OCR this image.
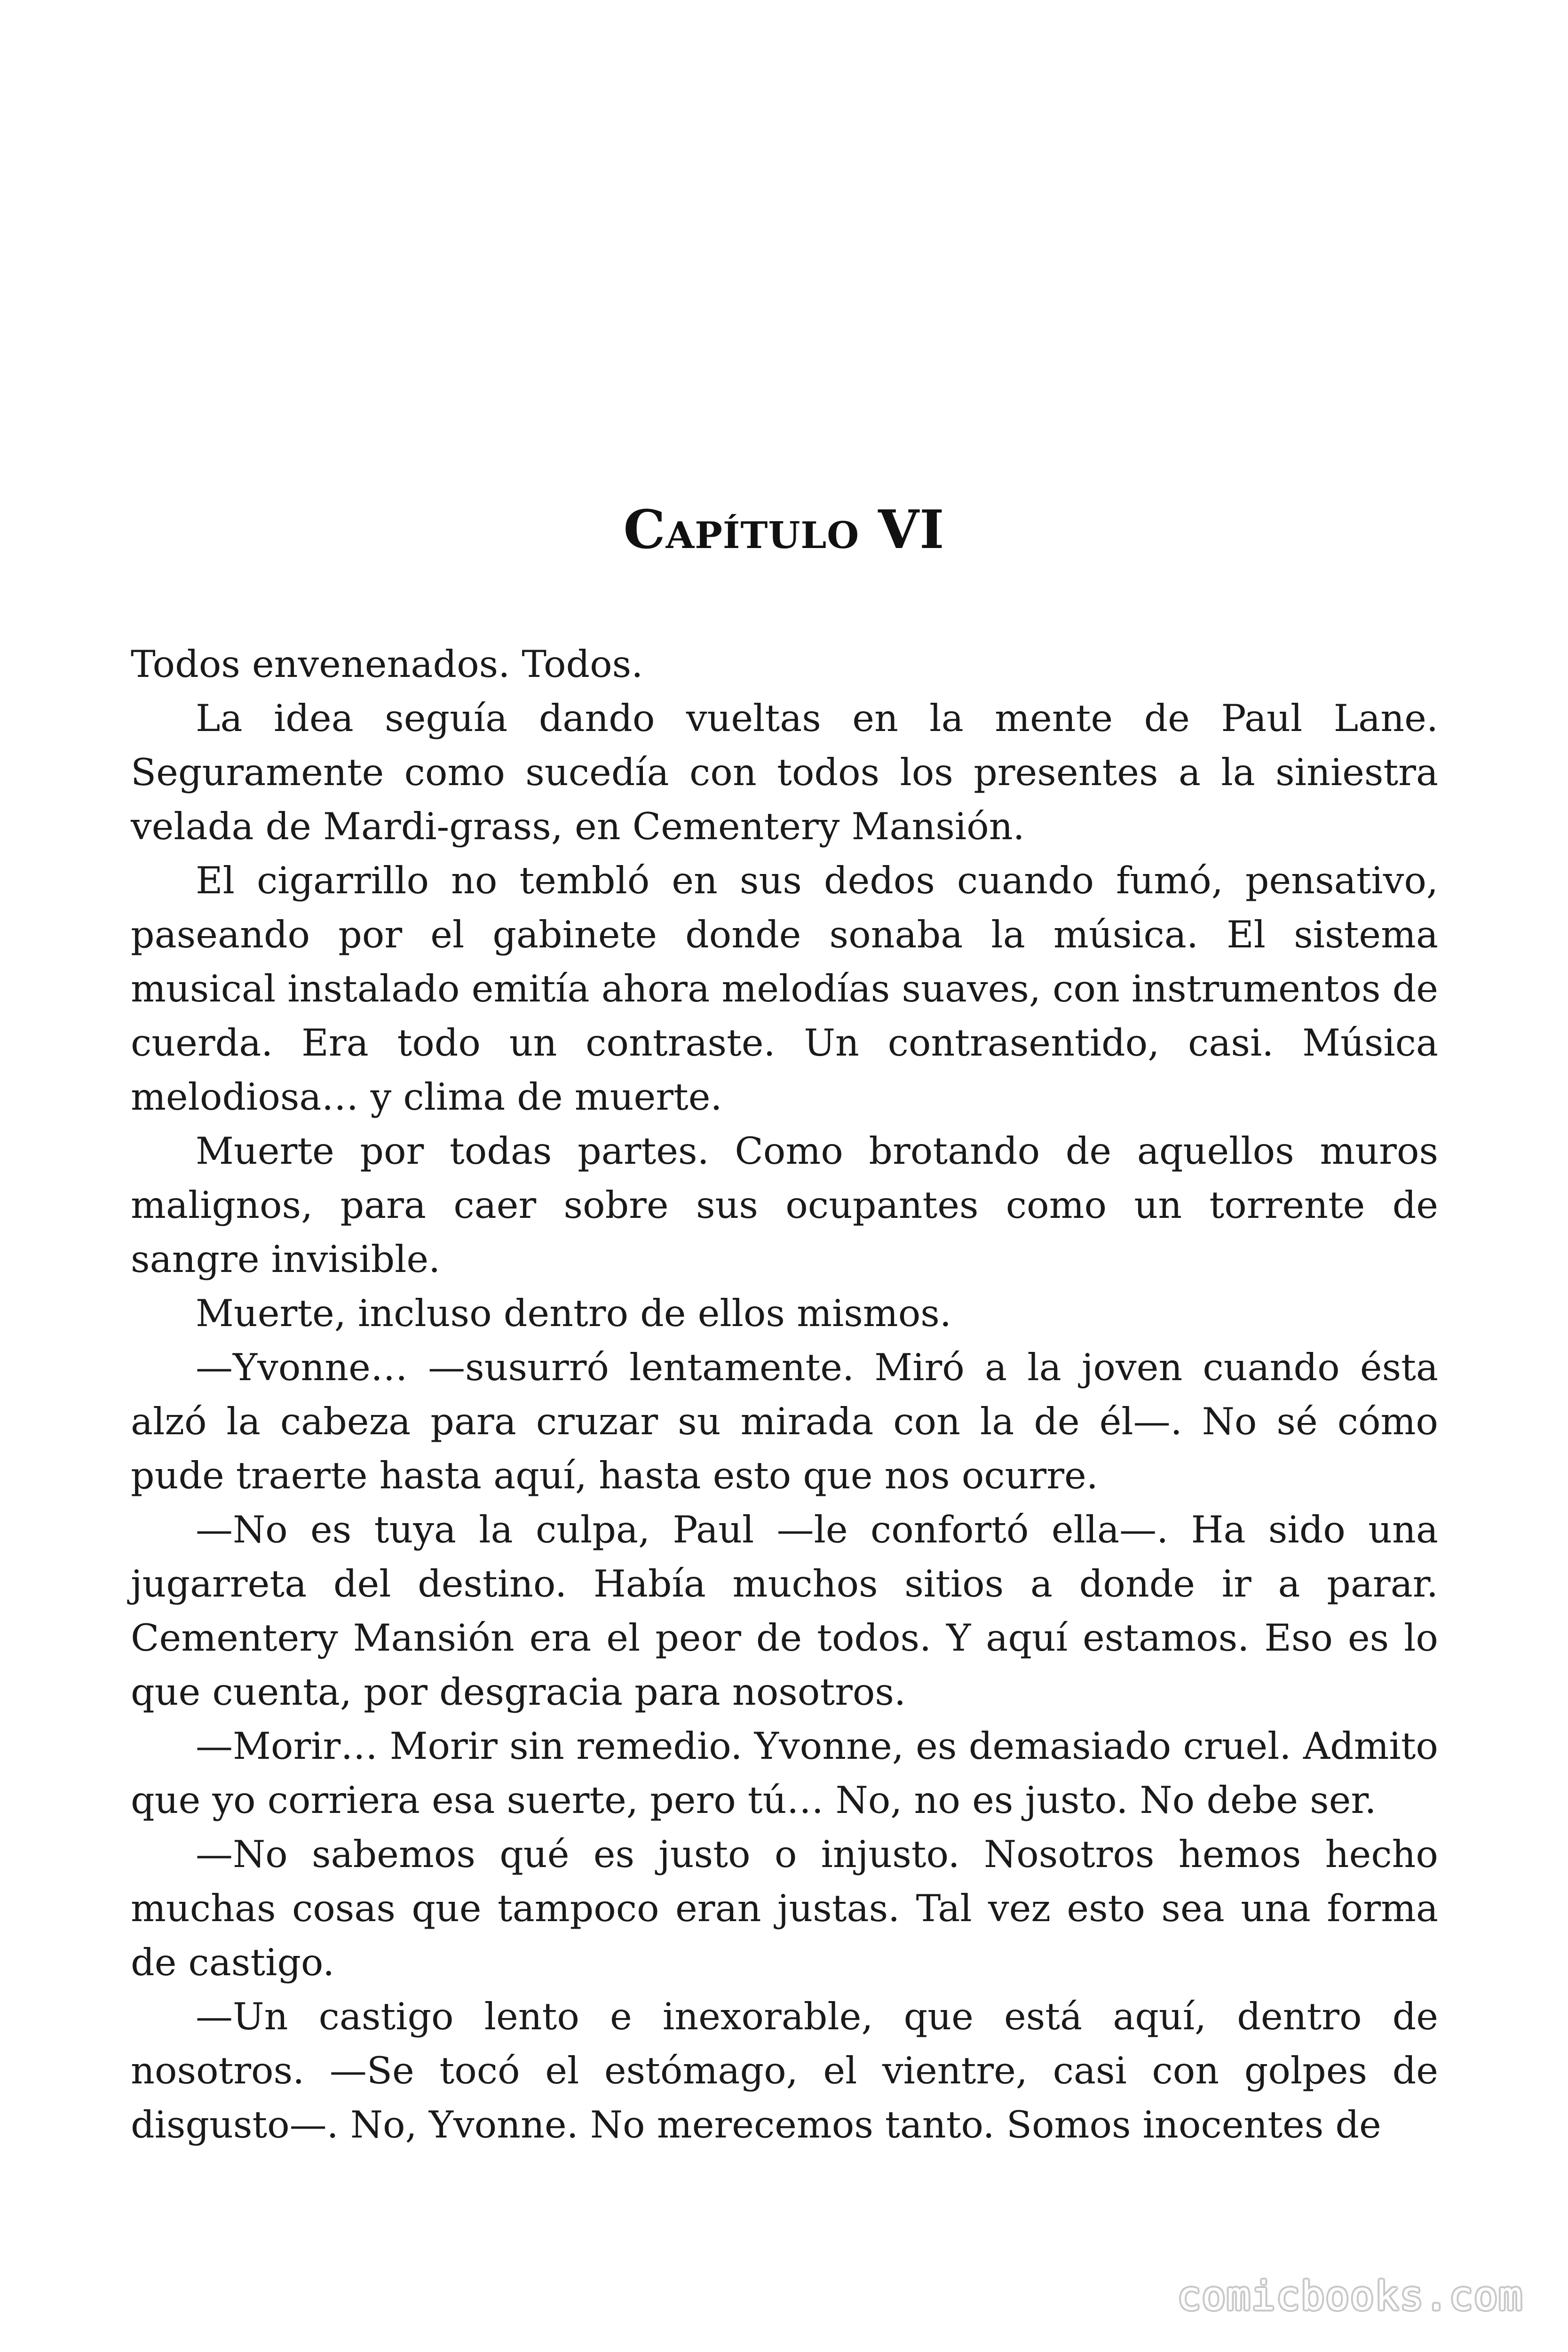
Capítulo VI

Todos envenenados. Todos.

La idea seguía dando vueltas en la mente de Paul Lane. Seguramente como sucedía con todos los presentes a la siniestra velada de Mardi-grass, en Cementery Mansión.

El cigarrillo no tembló en sus dedos cuando fumó, pensativo, paseando por el gabinete donde sonaba la música. El sistema musical instalado emitía ahora melodías suaves, con instrumentos de cuerda. Era todo un contraste. Un contrasentido, casi. Música melodiosa… y clima de muerte.

Muerte por todas partes. Como brotando de aquellos muros malignos, para caer sobre sus ocupantes como un torrente de sangre invisible.

Muerte, incluso dentro de ellos mismos.

—Yvonne… —susurró lentamente. Miró a la joven cuando ésta alzó la cabeza para cruzar su mirada con la de él—. No sé cómo pude traerte hasta aquí, hasta esto que nos ocurre.

—No es tuya la culpa, Paul —le confortó ella—. Ha sido una jugarreta del destino. Había muchos sitios a donde ir a parar. Cementery Mansión era el peor de todos. Y aquí estamos. Eso es lo que cuenta, por desgracia para nosotros.

—Morir… Morir sin remedio. Yvonne, es demasiado cruel. Admito que yo corriera esa suerte, pero tú… No, no es justo. No debe ser.

—No sabemos qué es justo o injusto. Nosotros hemos hecho muchas cosas que tampoco eran justas. Tal vez esto sea una forma de castigo.

—Un castigo lento e inexorable, que está aquí, dentro de nosotros. —Se tocó el estómago, el vientre, casi con golpes de disgusto—. No, Yvonne. No merecemos tanto. Somos inocentes de

comicbooks.com
